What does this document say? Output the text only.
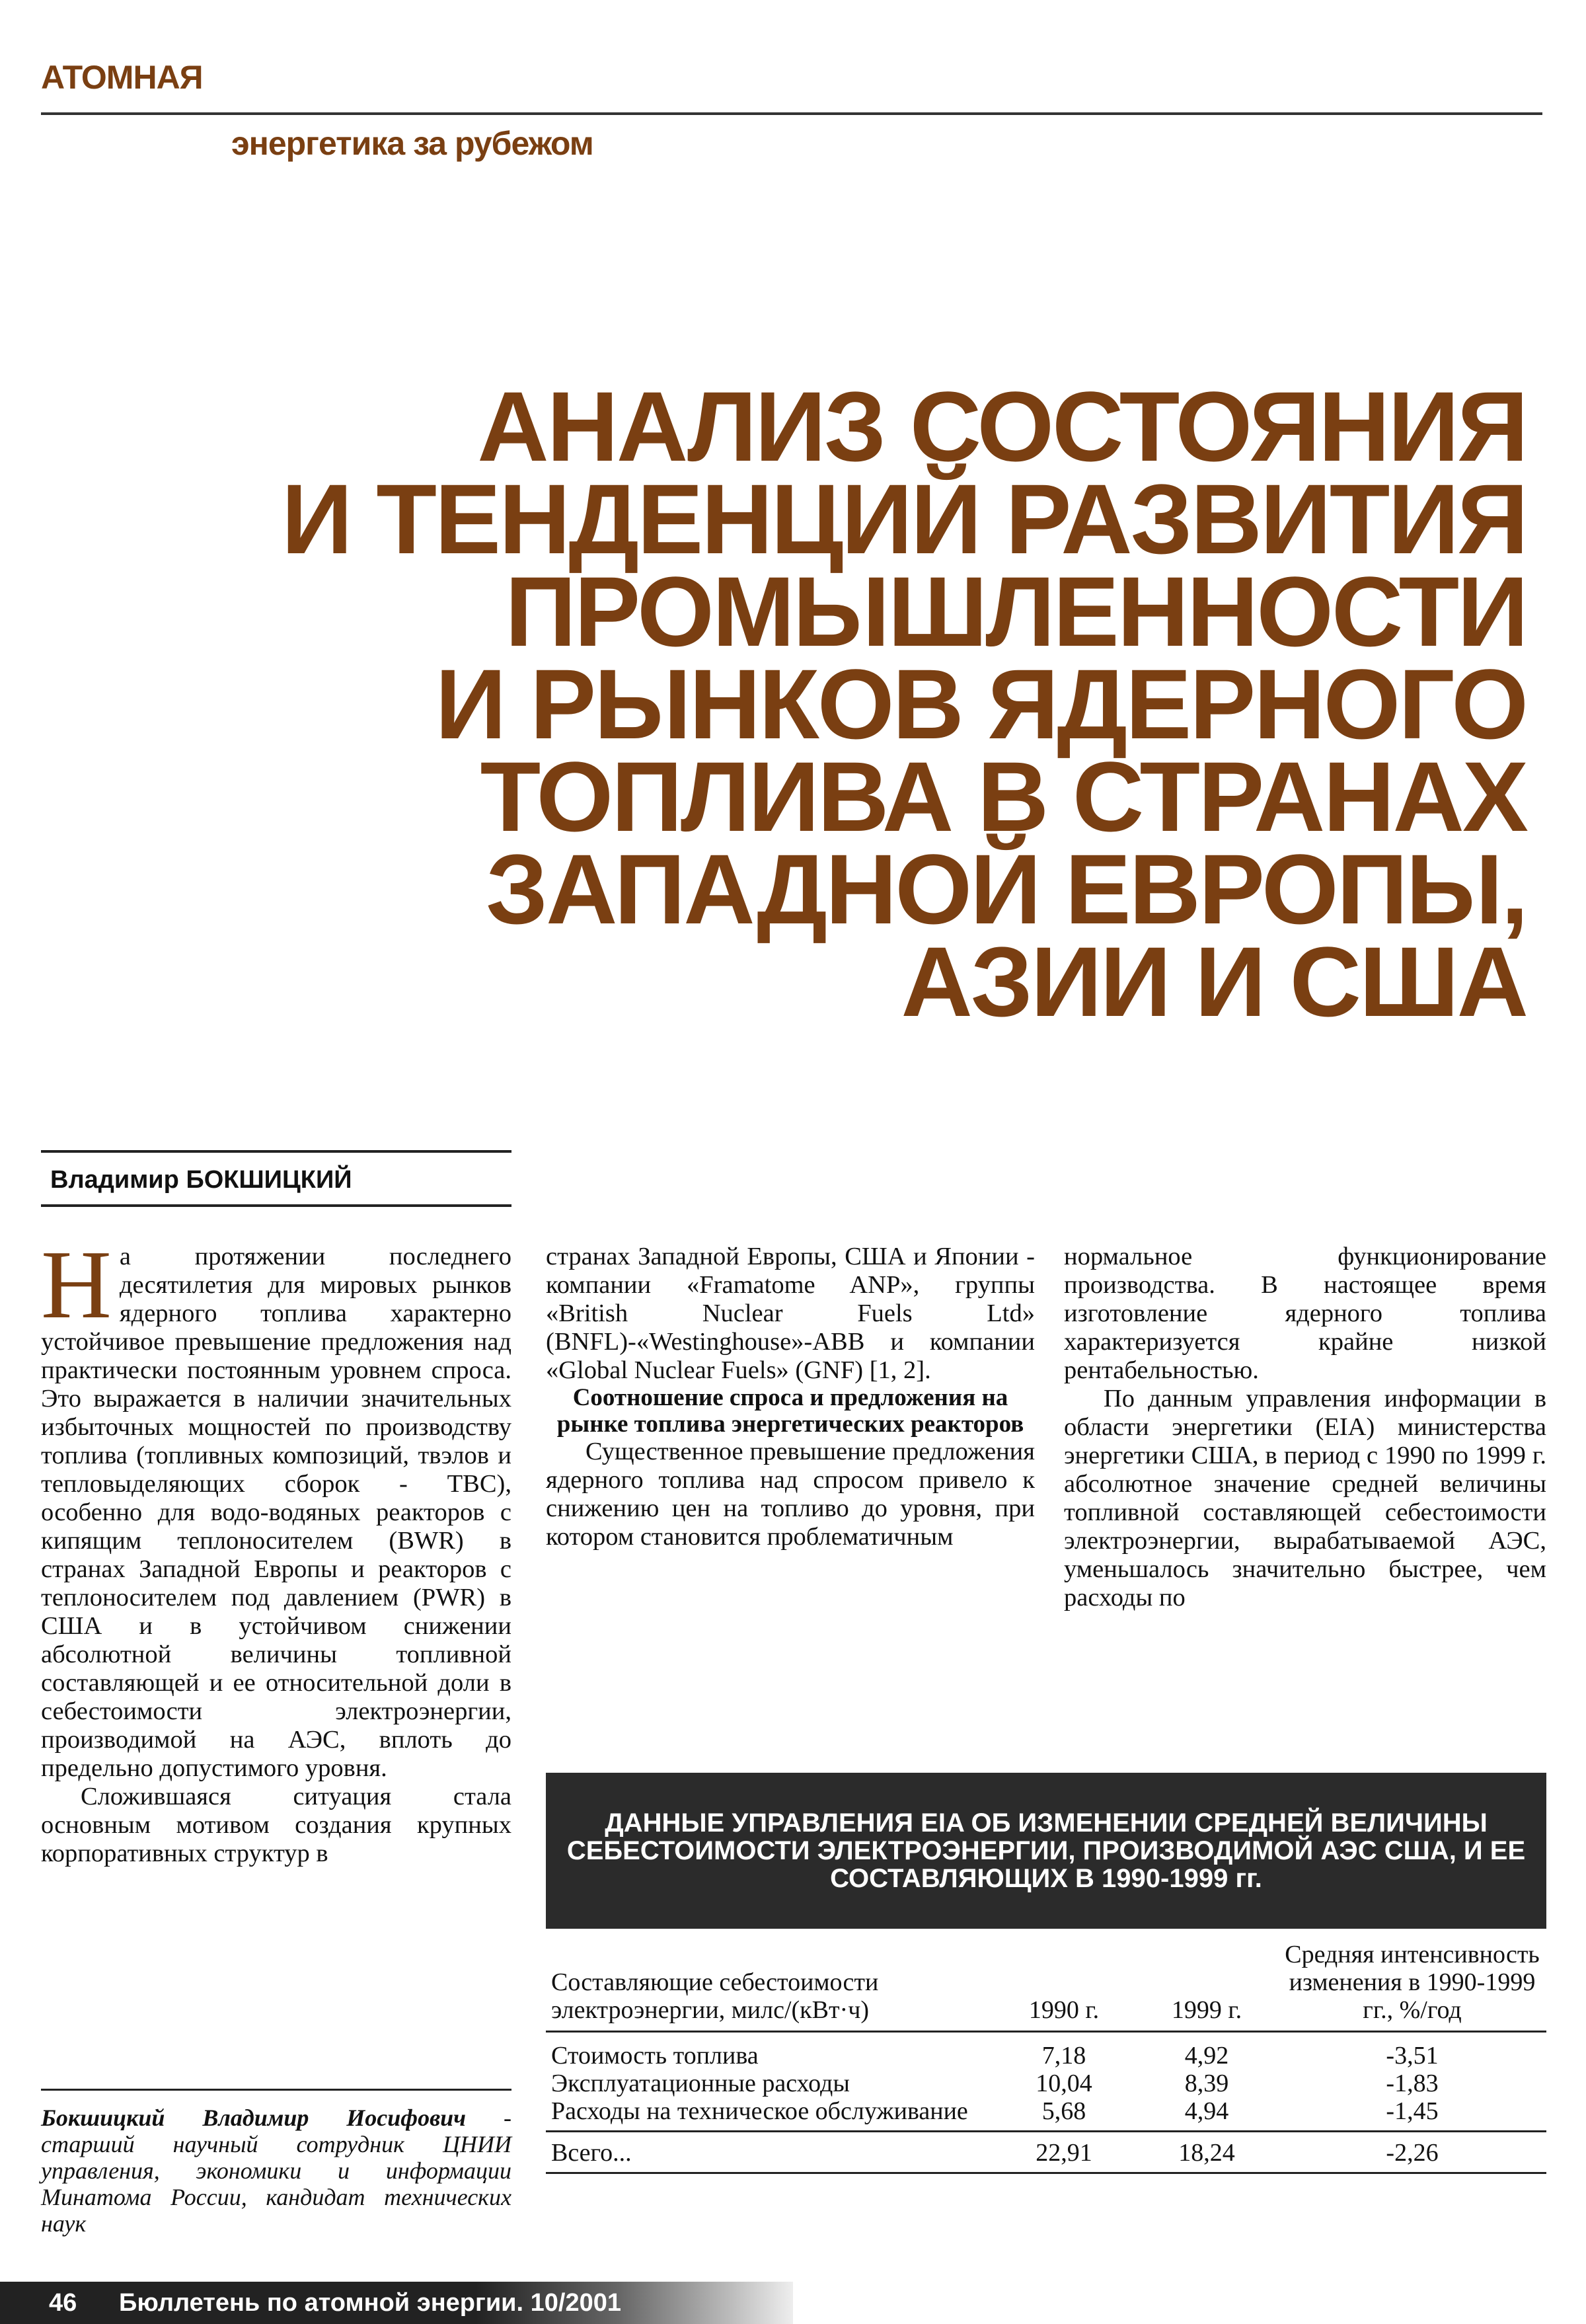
АТОМНАЯ
энергетика за рубежом
АНАЛИЗ СОСТОЯНИЯ
И ТЕНДЕНЦИЙ РАЗВИТИЯ
ПРОМЫШЛЕННОСТИ
И РЫНКОВ ЯДЕРНОГО
ТОПЛИВА В СТРАНАХ
ЗАПАДНОЙ ЕВРОПЫ,
АЗИИ И США
Владимир БОКШИЦКИЙ

На протяжении последнего десятилетия для мировых рынков ядерного топлива характерно устойчивое превышение предложения над практически постоянным уровнем спроса. Это выражается в наличии значительных избыточных мощностей по производству топлива (топливных композиций, твэлов и тепловыделяющих сборок - ТВС), особенно для водо-водяных реакторов с кипящим теплоносителем (BWR) в странах Западной Европы и реакторов с теплоносителем под давлением (PWR) в США и в устойчивом снижении абсолютной величины топливной составляющей и ее относительной доли в себестоимости электроэнергии, производимой на АЭС, вплоть до предельно допустимого уровня.

Сложившаяся ситуация стала основным мотивом создания крупных корпоративных структур в

Бокшицкий Владимир Иосифович - старший научный сотрудник ЦНИИ управления, экономики и информации Минатома России, кандидат технических наук

странах Западной Европы, США и Японии - компании «Framatome ANP», группы «British Nuclear Fuels Ltd» (BNFL)-«Westinghouse»-ABB и компании «Global Nuclear Fuels» (GNF) [1, 2].

Соотношение спроса и предложения на рынке топлива энергетических реакторов

Существенное превышение предложения ядерного топлива над спросом привело к снижению цен на топливо до уровня, при котором становится проблематичным

нормальное функционирование производства. В настоящее время изготовление ядерного топлива характеризуется крайне низкой рентабельностью.

По данным управления информации в области энергетики (EIA) министерства энергетики США, в период с 1990 по 1999 г. абсолютное значение средней величины топливной составляющей себестоимости электроэнергии, вырабатываемой АЭС, уменьшалось значительно быстрее, чем расходы по

ДАННЫЕ УПРАВЛЕНИЯ EIA ОБ ИЗМЕНЕНИИ СРЕДНЕЙ ВЕЛИЧИНЫ СЕБЕСТОИМОСТИ ЭЛЕКТРОЭНЕРГИИ, ПРОИЗВОДИМОЙ АЭС США, И ЕЕ СОСТАВЛЯЮЩИХ В 1990-1999 гг.
Составляющие себестоимости электроэнергии, милс/(кВт·ч)	1990 г.	1999 г.	Средняя интенсивность изменения в 1990-1999 гг., %/год
Стоимость топлива	7,18	4,92	-3,51
Эксплуатационные расходы	10,04	8,39	-1,83
Расходы на техническое обслуживание	5,68	4,94	-1,45
Всего...	22,91	18,24	-2,26
46 Бюллетень по атомной энергии. 10/2001
